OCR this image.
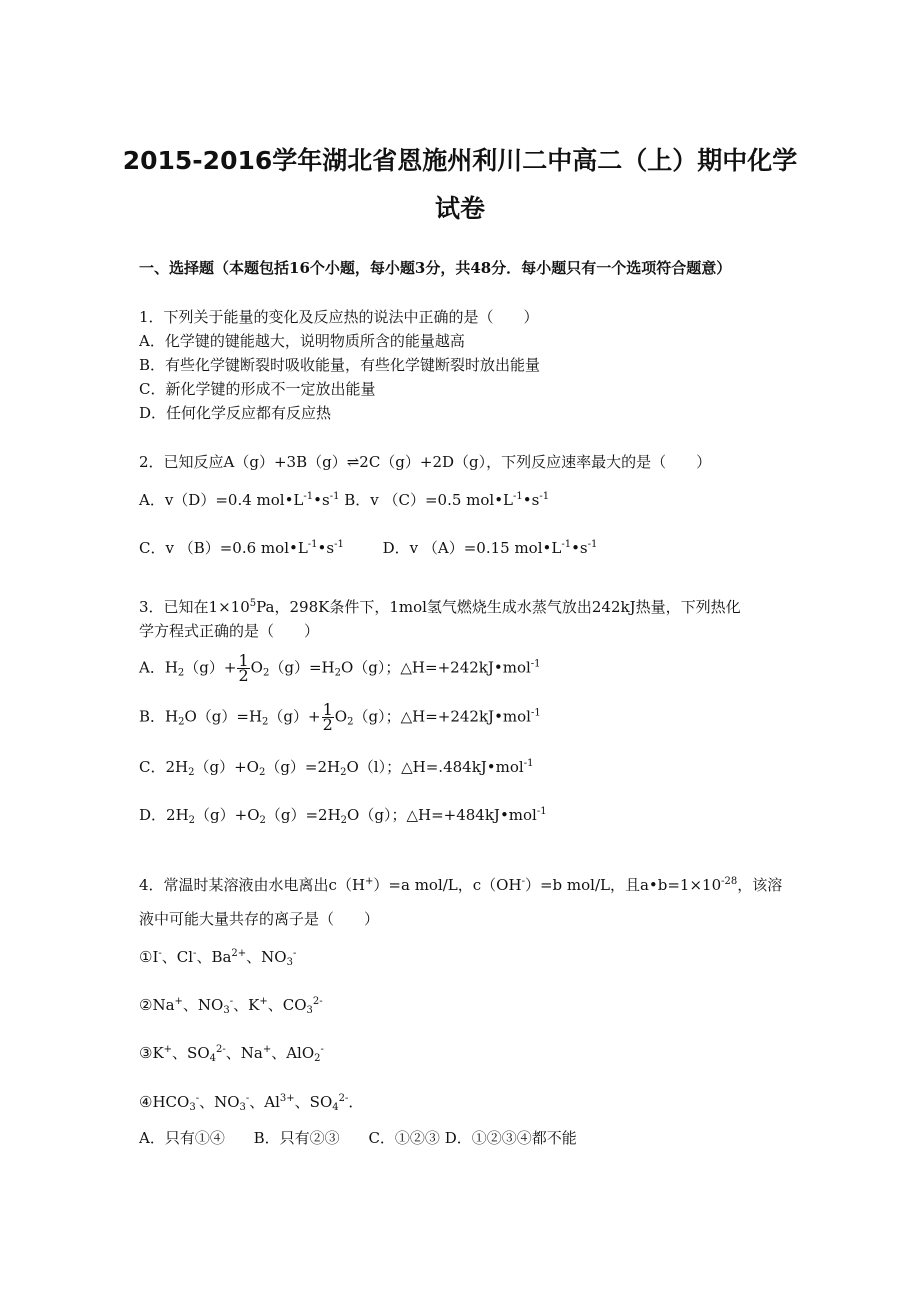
2015-2016学年湖北省恩施州利川二中高二（上）期中化学
试卷
一、选择题（本题包括16个小题，每小题3分，共48分．每小题只有一个选项符合题意）
1．下列关于能量的变化及反应热的说法中正确的是（　　）
A．化学键的键能越大，说明物质所含的能量越高
B．有些化学键断裂时吸收能量，有些化学键断裂时放出能量
C．新化学键的形成不一定放出能量
D．任何化学反应都有反应热
2．已知反应A（g）+3B（g）⇌2C（g）+2D（g），下列反应速率最大的是（　　）
A．v（D）=0.4 $mol•L^{-1}•s^{-1}$ B．v （C）=0.5 $mol•L^{-1}•s^{-1}$
C．v （B）=0.6 $mol•L^{-1}•s^{-1}$	D．v （A）=0.15 $mol•L^{-1}•s^{-1}$
3．已知在$1\times 10^5Pa$，298K条件下，1mol氢气燃烧生成水蒸气放出242kJ热量，下列热化
学方程式正确的是（　　）
A．$H_2(g)+ \frac{1}{2} O_2(g)=H_2O(g)$；△H=+242kJ•mol$^{-1}$
B．$H_2O(g)=H_2(g)+ \frac{1}{2} O_2(g)$；△H=+242kJ•mol$^{-1}$
C．$2H_2(g)+O_2(g)=2H_2O(l)$；△H=.484kJ•mol$^{-1}$
D．$2H_2(g)+O_2(g)=2H_2O(g)$；△H=+484kJ•mol$^{-1}$
4．常温时某溶液由水电离出c（H+）=a mol/L，c（OH-）=b mol/L，且$a•b=1\times 10^{-28}$，该溶
液中可能大量共存的离子是（　　）
①I-、Cl-、$Ba^{2+}$、$NO_3^-$
②Na+、$NO_3^-$、K+、$CO_3^{2-}$
③K+、$SO_4^{2-}$、Na+、AlO$_2$-
$④HCO_3^-$、$NO_3^-$、$Al^{3+}$、$SO_4^{2-}$．
A．只有①④ B．只有②③ C．①②③ D．①②③④都不能
